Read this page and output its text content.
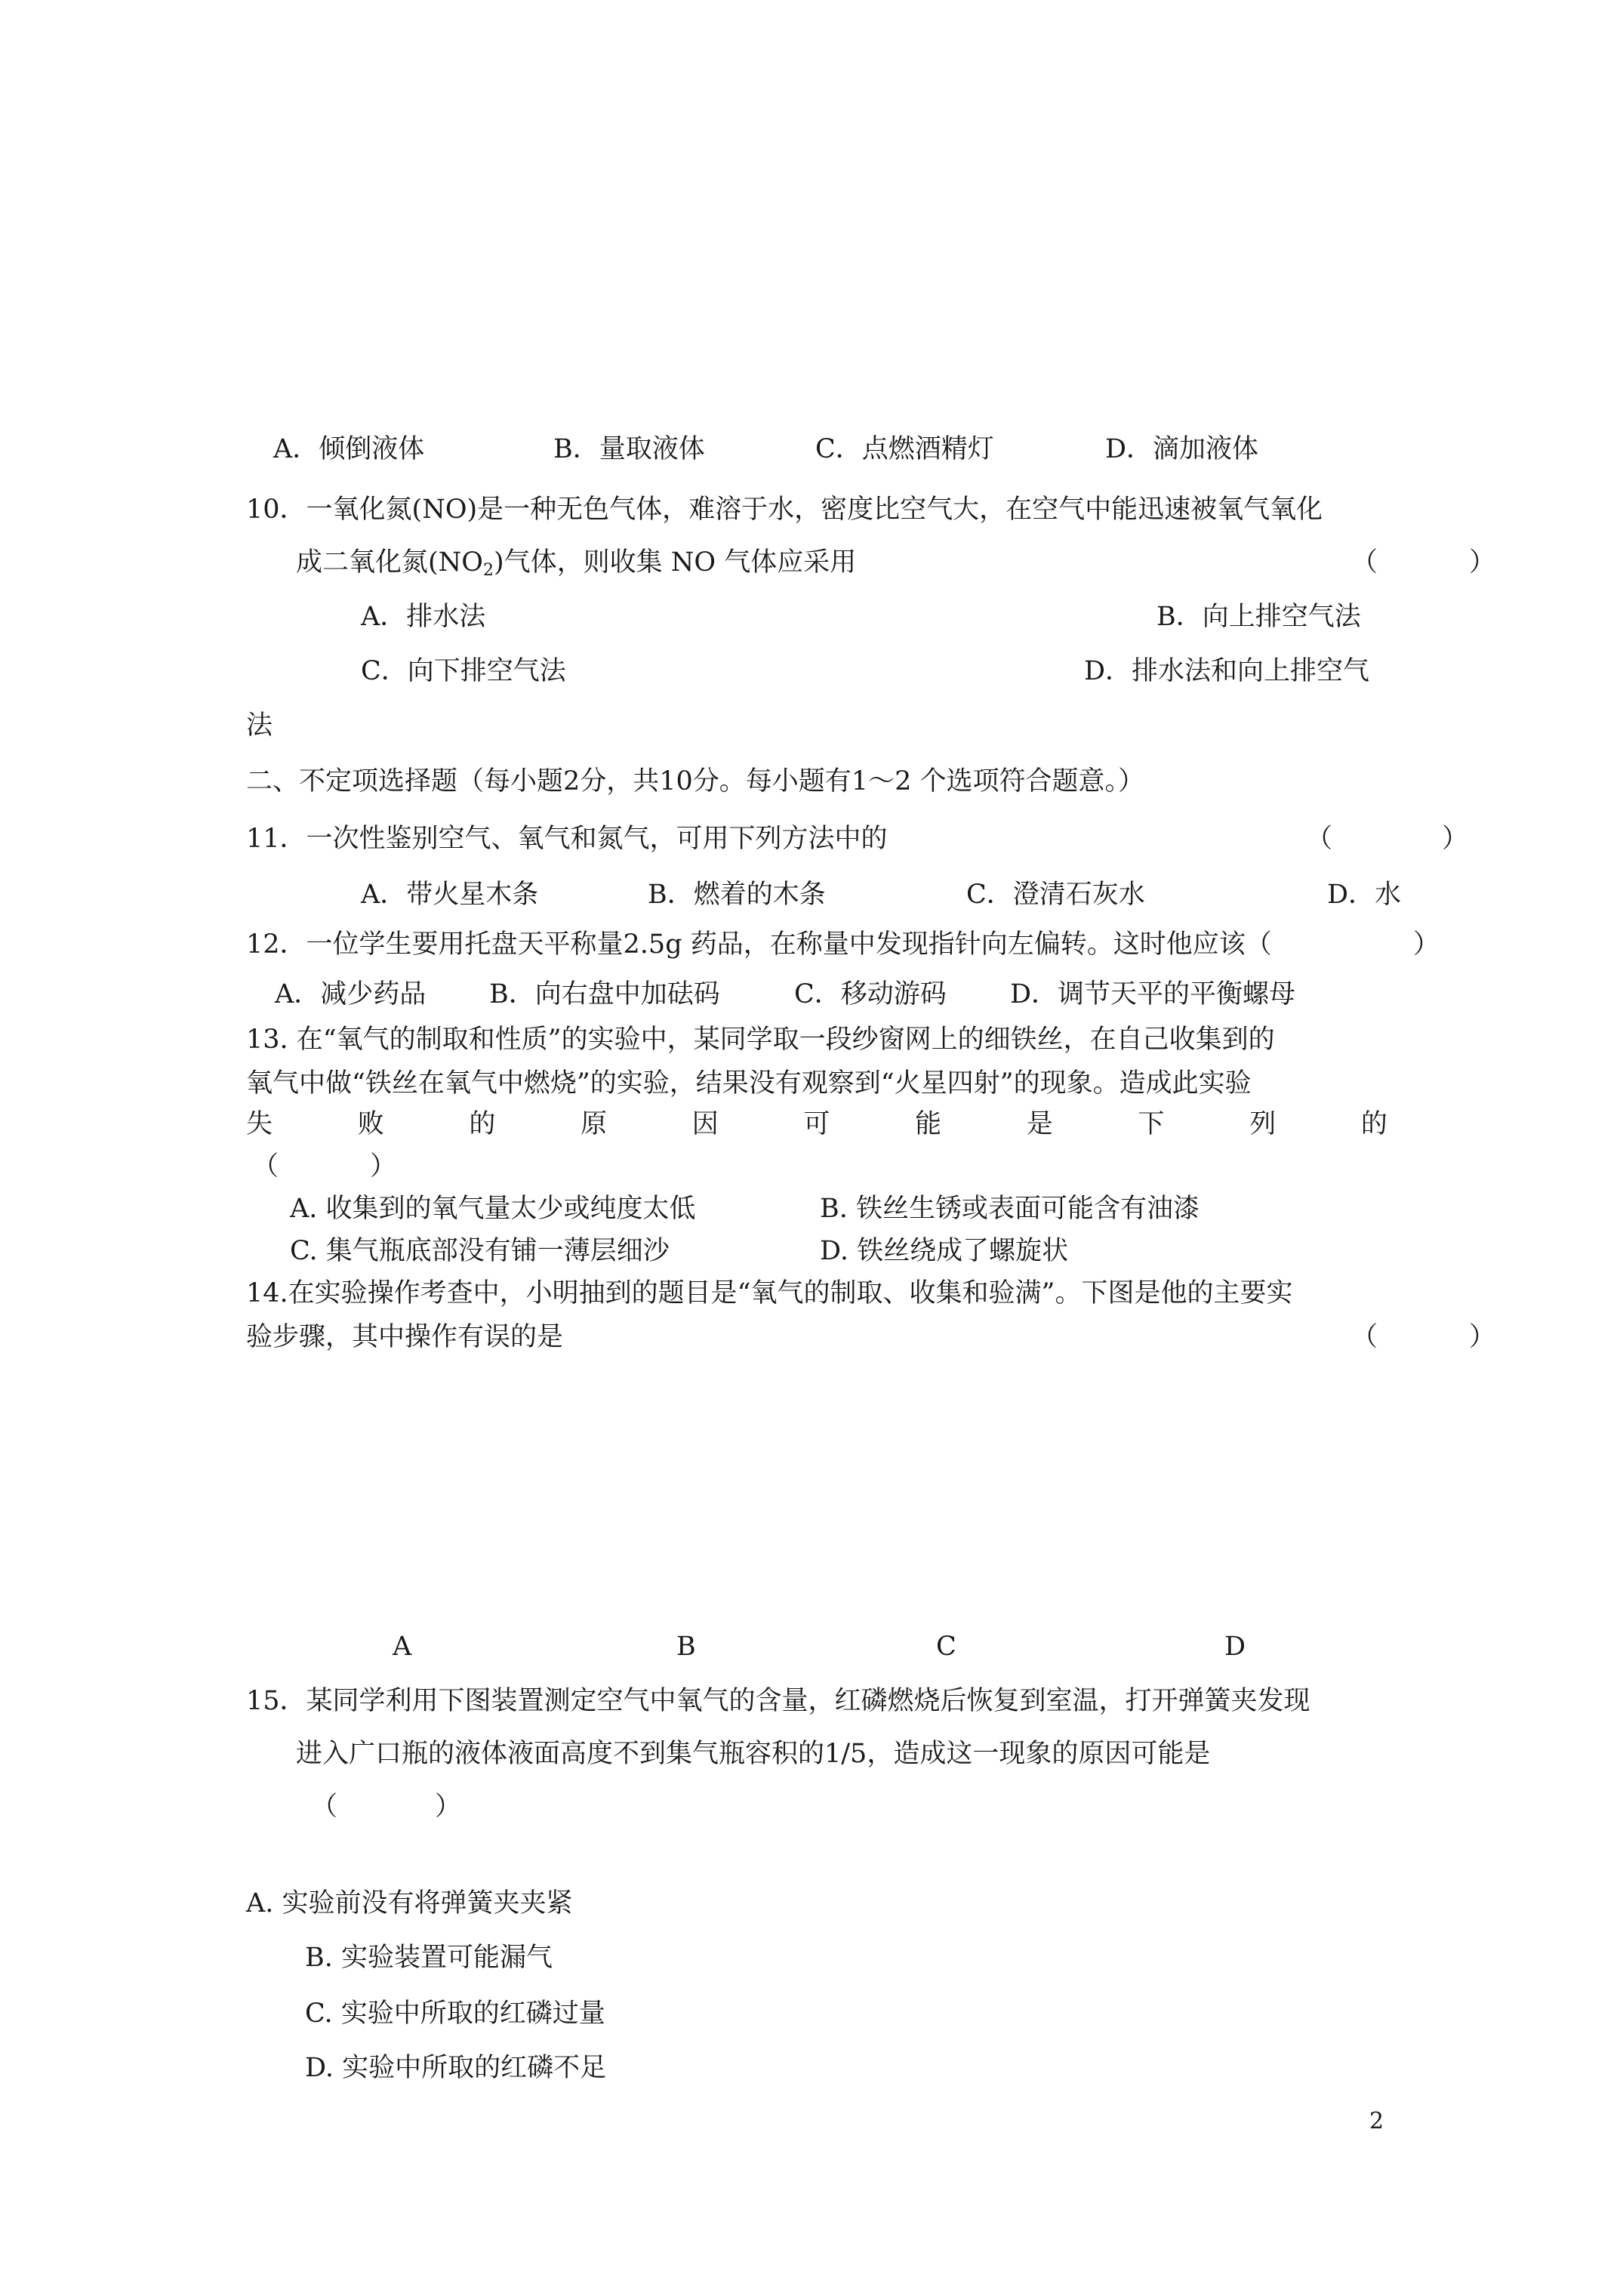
A．倾倒液体	B．量取液体	C．点燃酒精灯	D．滴加液体
10．一氧化氮(NO)是一种无色气体，难溶于水，密度比空气大，在空气中能迅速被氧气氧化
成二氧化氮$(NO_2)$气体，则收集 NO 气体应采用	（	）
A．排水法	B．向上排空气法
C．向下排空气法	D．排水法和向上排空气
法
二、不定项选择题（每小题2分，共10分。每小题有1～2 个选项符合题意。）
11．一次性鉴别空气、氧气和氮气，可用下列方法中的	（	）
A．带火星木条	B．燃着的木条	C．澄清石灰水	D．水
12．一位学生要用托盘天平称量2.5g 药品，在称量中发现指针向左偏转。这时他应该（	）
A．减少药品 B．向右盘中加砝码	C．移动游码 D．调节天平的平衡螺母
13. 在“氧气的制取和性质”的实验中，某同学取一段纱窗网上的细铁丝，在自己收集到的
氧气中做“铁丝在氧气中燃烧”的实验，结果没有观察到“火星四射”的现象。造成此实验
失	败	的	原	因	可	能	是	下	列	的
（	）
A. 收集到的氧气量太少或纯度太低	B. 铁丝生锈或表面可能含有油漆
C. 集气瓶底部没有铺一薄层细沙	D. 铁丝绕成了螺旋状
14.在实验操作考查中，小明抽到的题目是“氧气的制取、收集和验满”。下图是他的主要实
验步骤，其中操作有误的是	（	）
A	B	C	D
15．某同学利用下图装置测定空气中氧气的含量，红磷燃烧后恢复到室温，打开弹簧夹发现
进入广口瓶的液体液面高度不到集气瓶容积的1/5，造成这一现象的原因可能是
（	）
A. 实验前没有将弹簧夹夹紧
B. 实验装置可能漏气
C. 实验中所取的红磷过量
D. 实验中所取的红磷不足
2
